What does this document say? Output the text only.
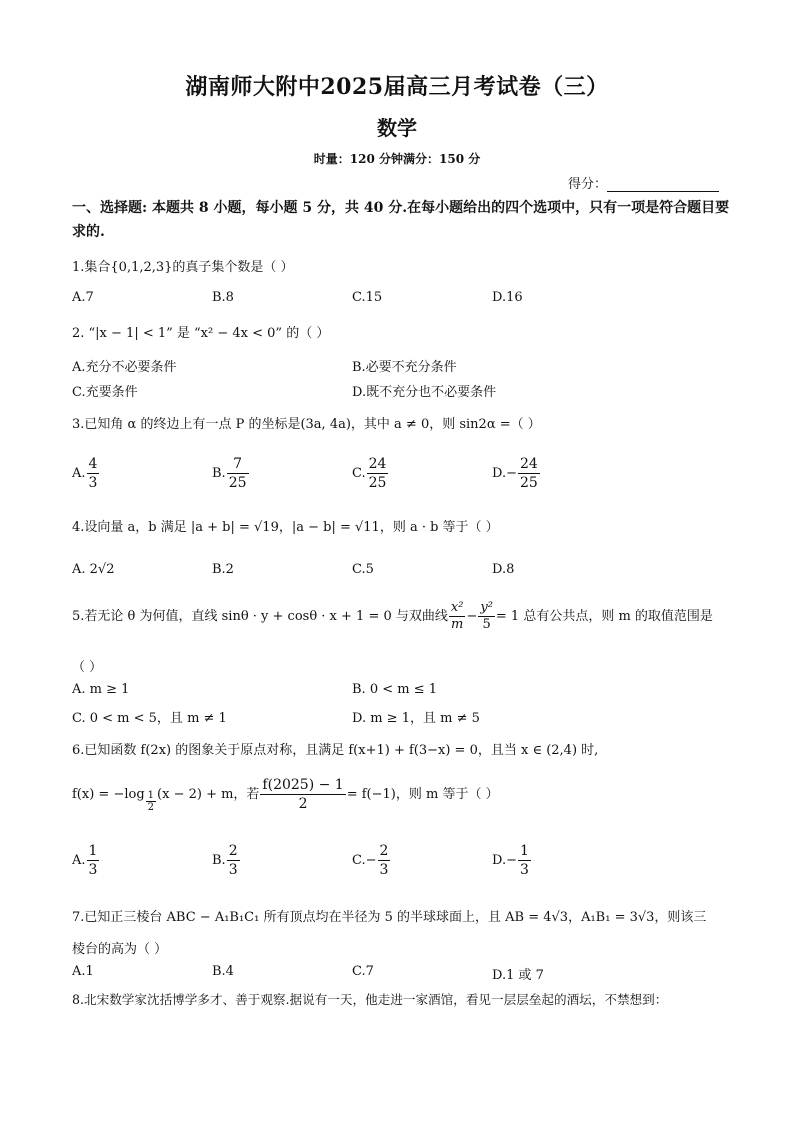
湖南师大附中2025届高三月考试卷（三）
数学
时量：120 分钟满分：150 分
得分：
一、选择题: 本题共 8 小题，每小题 5 分，共 40 分.在每小题给出的四个选项中，只有一项是符合题目要求的.
1.集合{0,1,2,3}的真子集个数是（ ）
A.7	B.8	C.15	D.16
2. “|x − 1| < 1” 是 “x² − 4x < 0” 的（ ）
A.充分不必要条件	B.必要不充分条件
C.充要条件	D.既不充分也不必要条件
3.已知角 α 的终边上有一点 P 的坐标是(3a, 4a)，其中 a ≠ 0，则 sin2α =（ ）
A. $\frac{4}{3}$	B. $\frac{7}{25}$	C. $\frac{24}{25}$	$D.- \frac{24}{25}$
4.设向量 a，b 满足 |a + b| = √19，|a − b| = √11，则 a · b 等于（ ）
A. 2√2	B.2	C.5	D.8
5.若无论 θ 为何值，直线 sinθ · y + cosθ · x + 1 = 0 与双曲线 $\frac{\text{x²}}{m} - \frac{\text{y²}}{5} = 1$ 总有公共点，则 m 的取值范围是
（ ）
A. m ≥ 1	B. 0 < m ≤ 1
C. 0 < m < 5，且 m ≠ 1	D. m ≥ 1，且 m ≠ 5
6.已知函数 f(2x) 的图象关于原点对称，且满足 f(x+1) + f(3−x) = 0，且当 x ∈ (2,4) 时,
$f(x) = -\log \frac{1}{2} (x - 2) + m$，若 $\frac{f(2025) - 1}{2} = f(-1)$，则 m 等于（ ）
A. $\frac{1}{3}$	B. $\frac{2}{3}$	$C.- \frac{2}{3}$	$D.- \frac{1}{3}$
7.已知正三棱台 ABC − A₁B₁C₁ 所有顶点均在半径为 5 的半球球面上，且 AB = 4√3，A₁B₁ = 3√3，则该三
棱台的高为（ ）
A.1	B.4	C.7	D.1 或 7
8.北宋数学家沈括博学多才、善于观察.据说有一天，他走进一家酒馆，看见一层层垒起的酒坛，不禁想到：
